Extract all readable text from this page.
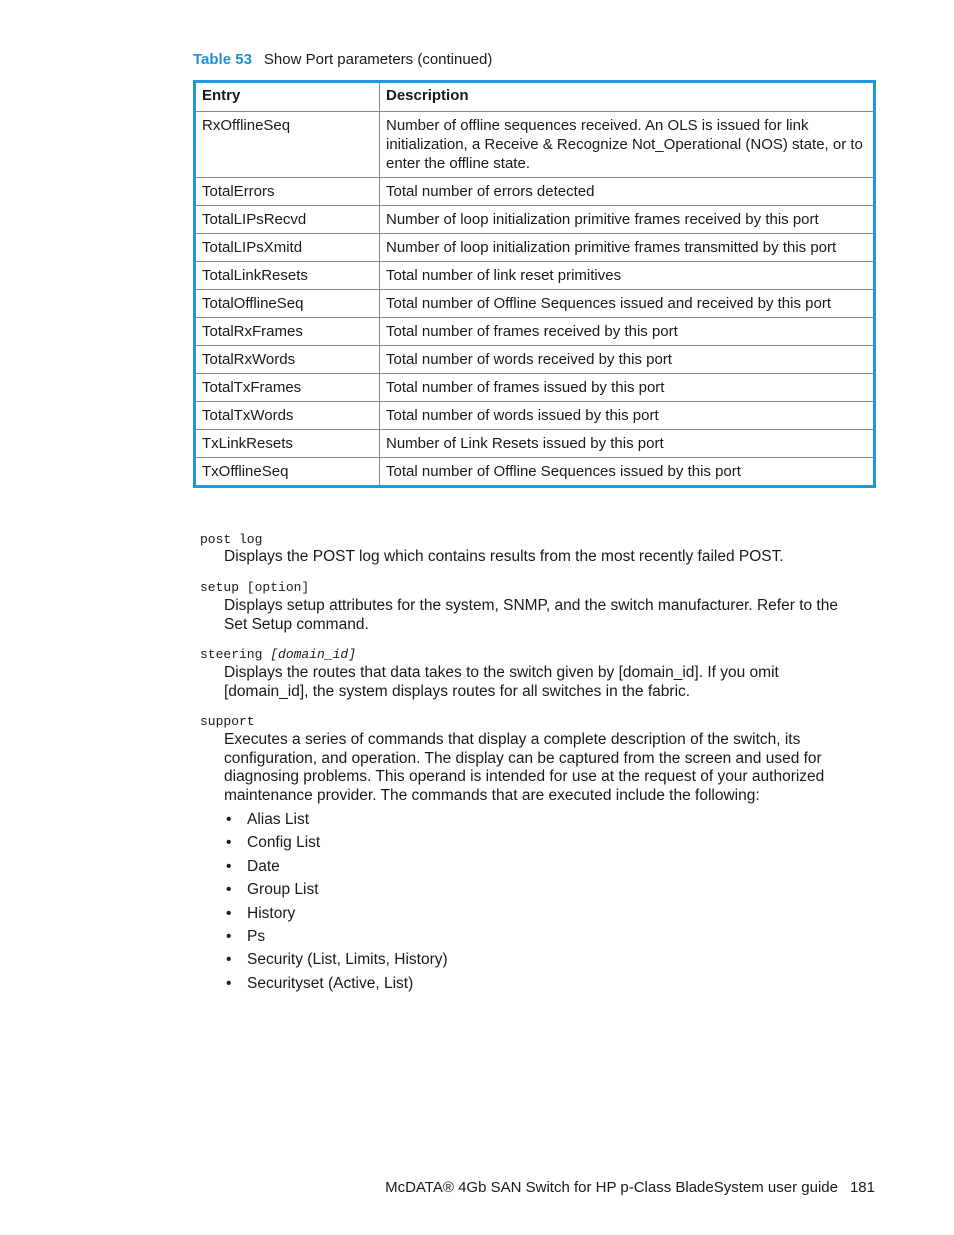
Table 53 Show Port parameters (continued)
Entry	Description
RxOfflineSeq	Number of offline sequences received. An OLS is issued for link initialization, a Receive & Recognize Not_Operational (NOS) state, or to enter the offline state.
TotalErrors	Total number of errors detected
TotalLIPsRecvd	Number of loop initialization primitive frames received by this port
TotalLIPsXmitd	Number of loop initialization primitive frames transmitted by this port
TotalLinkResets	Total number of link reset primitives
TotalOfflineSeq	Total number of Offline Sequences issued and received by this port
TotalRxFrames	Total number of frames received by this port
TotalRxWords	Total number of words received by this port
TotalTxFrames	Total number of frames issued by this port
TotalTxWords	Total number of words issued by this port
TxLinkResets	Number of Link Resets issued by this port
TxOfflineSeq	Total number of Offline Sequences issued by this port
post log
Displays the POST log which contains results from the most recently failed POST.
setup [option]
Displays setup attributes for the system, SNMP, and the switch manufacturer. Refer to the Set Setup command.
steering [domain_id]
Displays the routes that data takes to the switch given by [domain_id]. If you omit [domain_id], the system displays routes for all switches in the fabric.
support
Executes a series of commands that display a complete description of the switch, its configuration, and operation. The display can be captured from the screen and used for diagnosing problems. This operand is intended for use at the request of your authorized maintenance provider. The commands that are executed include the following:
• Alias List
• Config List
• Date
• Group List
• History
• Ps
• Security (List, Limits, History)
• Securityset (Active, List)
McDATA® 4Gb SAN Switch for HP p-Class BladeSystem user guide 181
